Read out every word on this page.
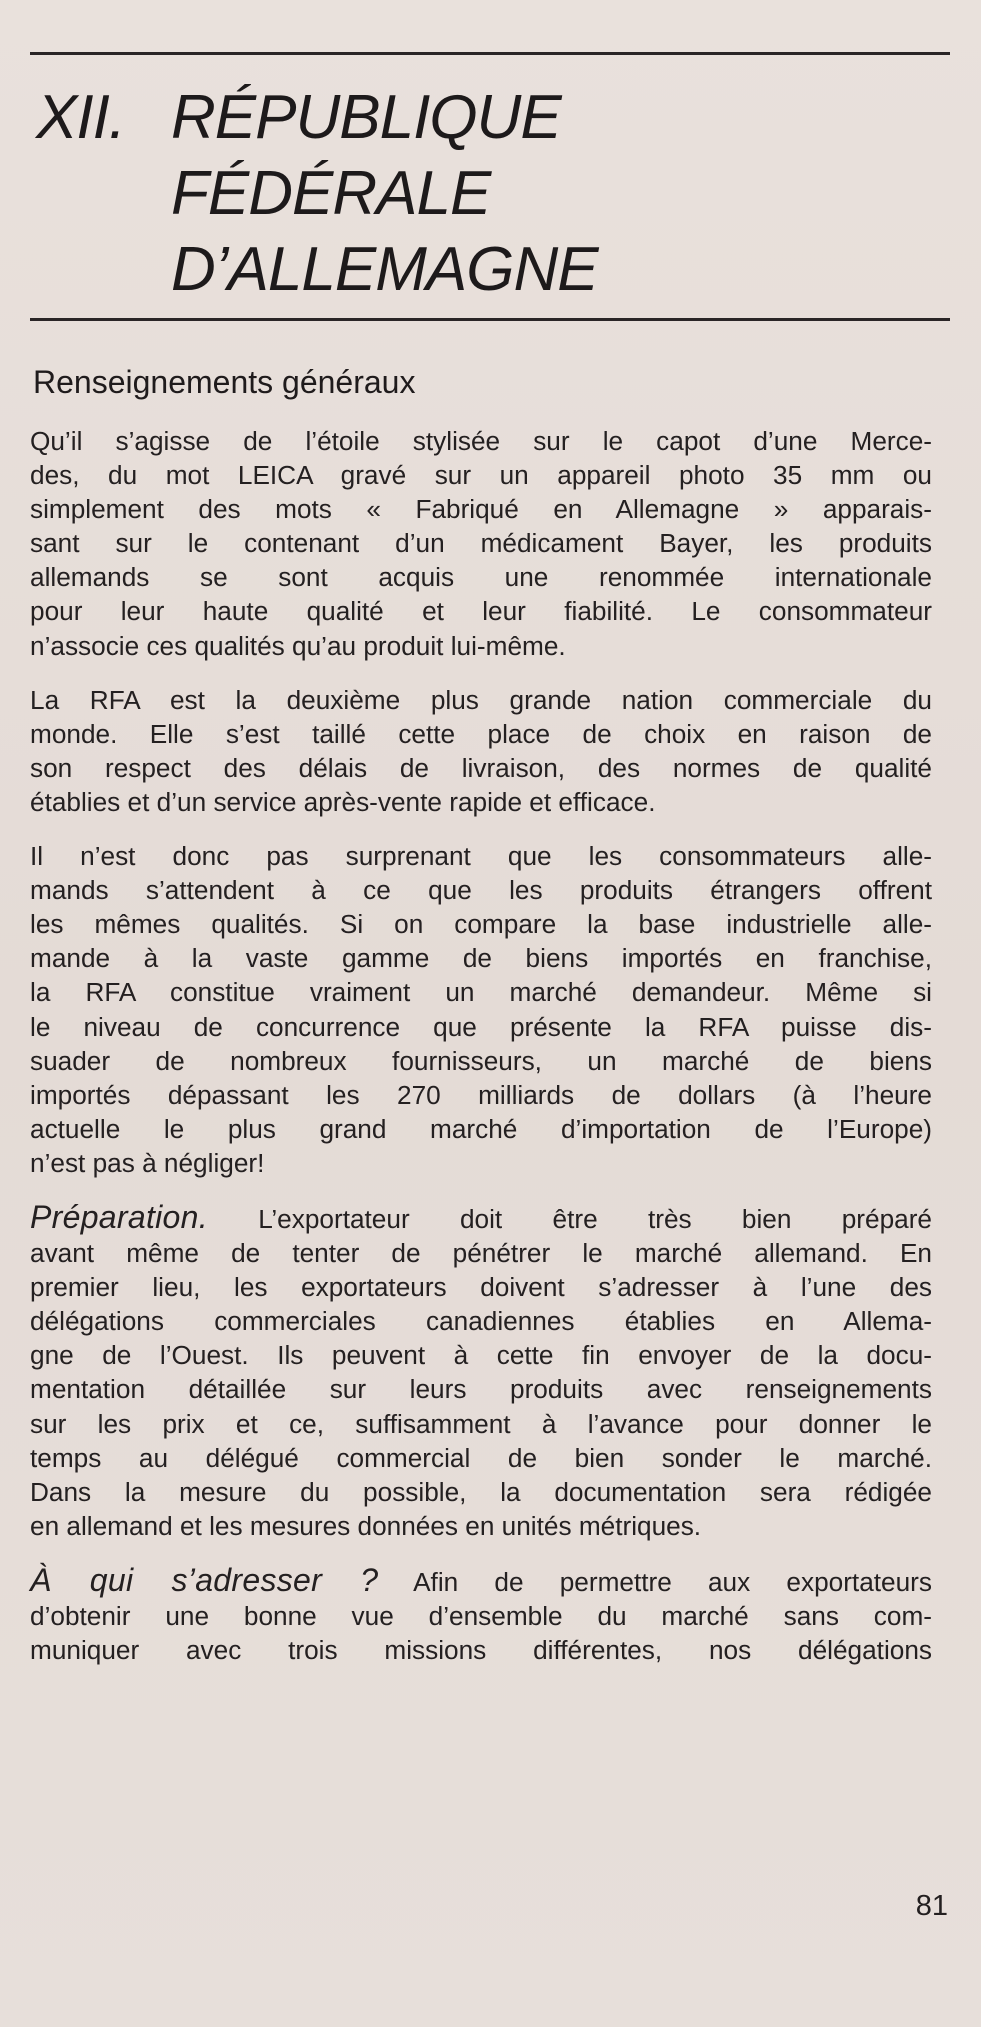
XII. RÉPUBLIQUE
FÉDÉRALE
D’ALLEMAGNE
Renseignements généraux

Qu’il s’agisse de l’étoile stylisée sur le capot d’une Merce-
des, du mot LEICA gravé sur un appareil photo 35 mm ou
simplement des mots « Fabriqué en Allemagne » apparais-
sant sur le contenant d’un médicament Bayer, les produits
allemands se sont acquis une renommée internationale
pour leur haute qualité et leur fiabilité. Le consommateur
n’associe ces qualités qu’au produit lui-même.

La RFA est la deuxième plus grande nation commerciale du
monde. Elle s’est taillé cette place de choix en raison de
son respect des délais de livraison, des normes de qualité
établies et d’un service après-vente rapide et efficace.

Il n’est donc pas surprenant que les consommateurs alle-
mands s’attendent à ce que les produits étrangers offrent
les mêmes qualités. Si on compare la base industrielle alle-
mande à la vaste gamme de biens importés en franchise,
la RFA constitue vraiment un marché demandeur. Même si
le niveau de concurrence que présente la RFA puisse dis-
suader de nombreux fournisseurs, un marché de biens
importés dépassant les 270 milliards de dollars (à l’heure
actuelle le plus grand marché d’importation de l’Europe)
n’est pas à négliger!

Préparation. L’exportateur doit être très bien préparé
avant même de tenter de pénétrer le marché allemand. En
premier lieu, les exportateurs doivent s’adresser à l’une des
délégations commerciales canadiennes établies en Allema-
gne de l’Ouest. Ils peuvent à cette fin envoyer de la docu-
mentation détaillée sur leurs produits avec renseignements
sur les prix et ce, suffisamment à l’avance pour donner le
temps au délégué commercial de bien sonder le marché.
Dans la mesure du possible, la documentation sera rédigée
en allemand et les mesures données en unités métriques.

À qui s’adresser ? Afin de permettre aux exportateurs
d’obtenir une bonne vue d’ensemble du marché sans com-
muniquer avec trois missions différentes, nos délégations

81
